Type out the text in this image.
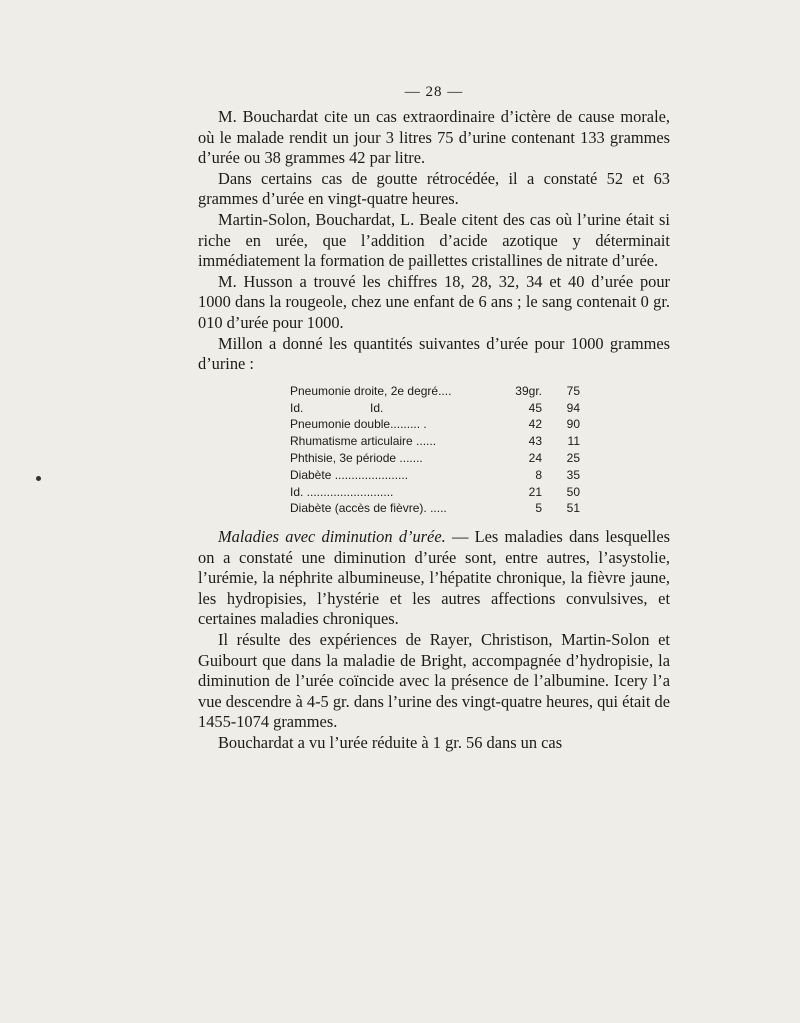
— 28 —

M. Bouchardat cite un cas extraordinaire d’ictère de cause morale, où le malade rendit un jour 3 litres 75 d’urine contenant 133 grammes d’urée ou 38 grammes 42 par litre.

Dans certains cas de goutte rétrocédée, il a constaté 52 et 63 grammes d’urée en vingt-quatre heures.

Martin-Solon, Bouchardat, L. Beale citent des cas où l’urine était si riche en urée, que l’addition d’acide azotique y déterminait immédiatement la formation de paillettes cristallines de nitrate d’urée.

M. Husson a trouvé les chiffres 18, 28, 32, 34 et 40 d’urée pour 1000 dans la rougeole, chez une enfant de 6 ans ; le sang contenait 0 gr. 010 d’urée pour 1000.

Millon a donné les quantités suivantes d’urée pour 1000 grammes d’urine :

Pneumonie droite, 2e degré....	39gr.	75
Id.                    Id.	45	94
Pneumonie double......... .	42	90
Rhumatisme articulaire ......	43	11
Phthisie, 3e période .......	24	25
Diabète ......................	8	35
Id. ..........................	21	50
Diabète (accès de fièvre). .....	5	51

Maladies avec diminution d’urée. — Les maladies dans lesquelles on a constaté une diminution d’urée sont, entre autres, l’asystolie, l’urémie, la néphrite albumineuse, l’hépatite chronique, la fièvre jaune, les hydropisies, l’hystérie et les autres affections convulsives, et certaines maladies chroniques.

Il résulte des expériences de Rayer, Christison, Martin-Solon et Guibourt que dans la maladie de Bright, accompagnée d’hydropisie, la diminution de l’urée coïncide avec la présence de l’albumine. Icery l’a vue descendre à 4-5 gr. dans l’urine des vingt-quatre heures, qui était de 1455-1074 grammes.

Bouchardat a vu l’urée réduite à 1 gr. 56 dans un cas
